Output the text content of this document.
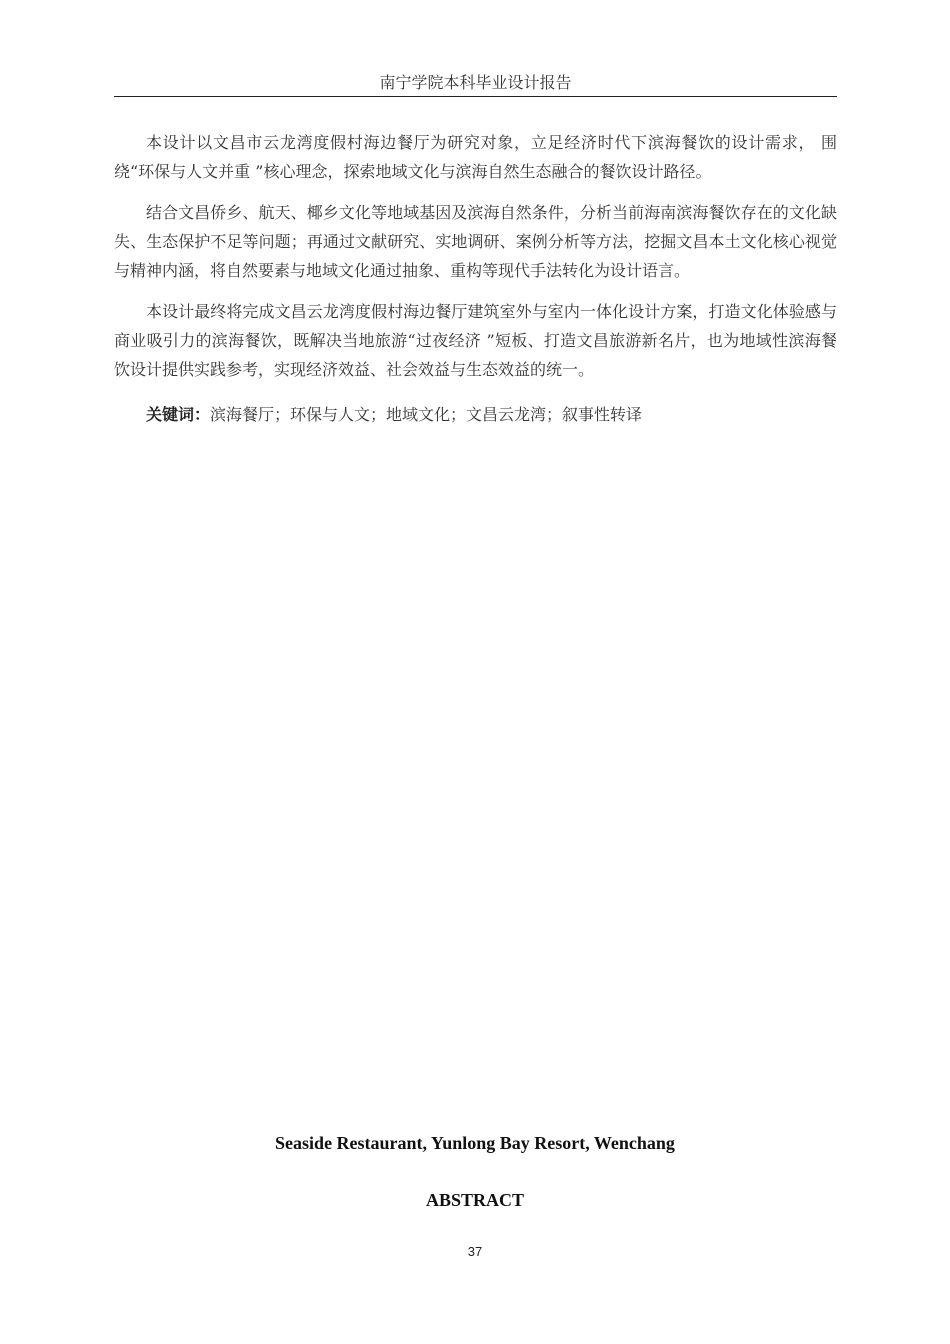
南宁学院本科毕业设计报告

本设计以文昌市云龙湾度假村海边餐厅为研究对象，立足经济时代下滨海餐饮的设计需求， 围绕“环保与人文并重 ”核心理念，探索地域文化与滨海自然生态融合的餐饮设计路径。

结合文昌侨乡、航天、椰乡文化等地域基因及滨海自然条件，分析当前海南滨海餐饮存在的文化缺失、生态保护不足等问题；再通过文献研究、实地调研、案例分析等方法，挖掘文昌本土文化核心视觉与精神内涵，将自然要素与地域文化通过抽象、重构等现代手法转化为设计语言。

本设计最终将完成文昌云龙湾度假村海边餐厅建筑室外与室内一体化设计方案，打造文化体验感与商业吸引力的滨海餐饮，既解决当地旅游“过夜经济 ”短板、打造文昌旅游新名片，也为地域性滨海餐饮设计提供实践参考，实现经济效益、社会效益与生态效益的统一。

关键词：滨海餐厅；环保与人文；地域文化；文昌云龙湾；叙事性转译

Seaside Restaurant, Yunlong Bay Resort, Wenchang
ABSTRACT
37
